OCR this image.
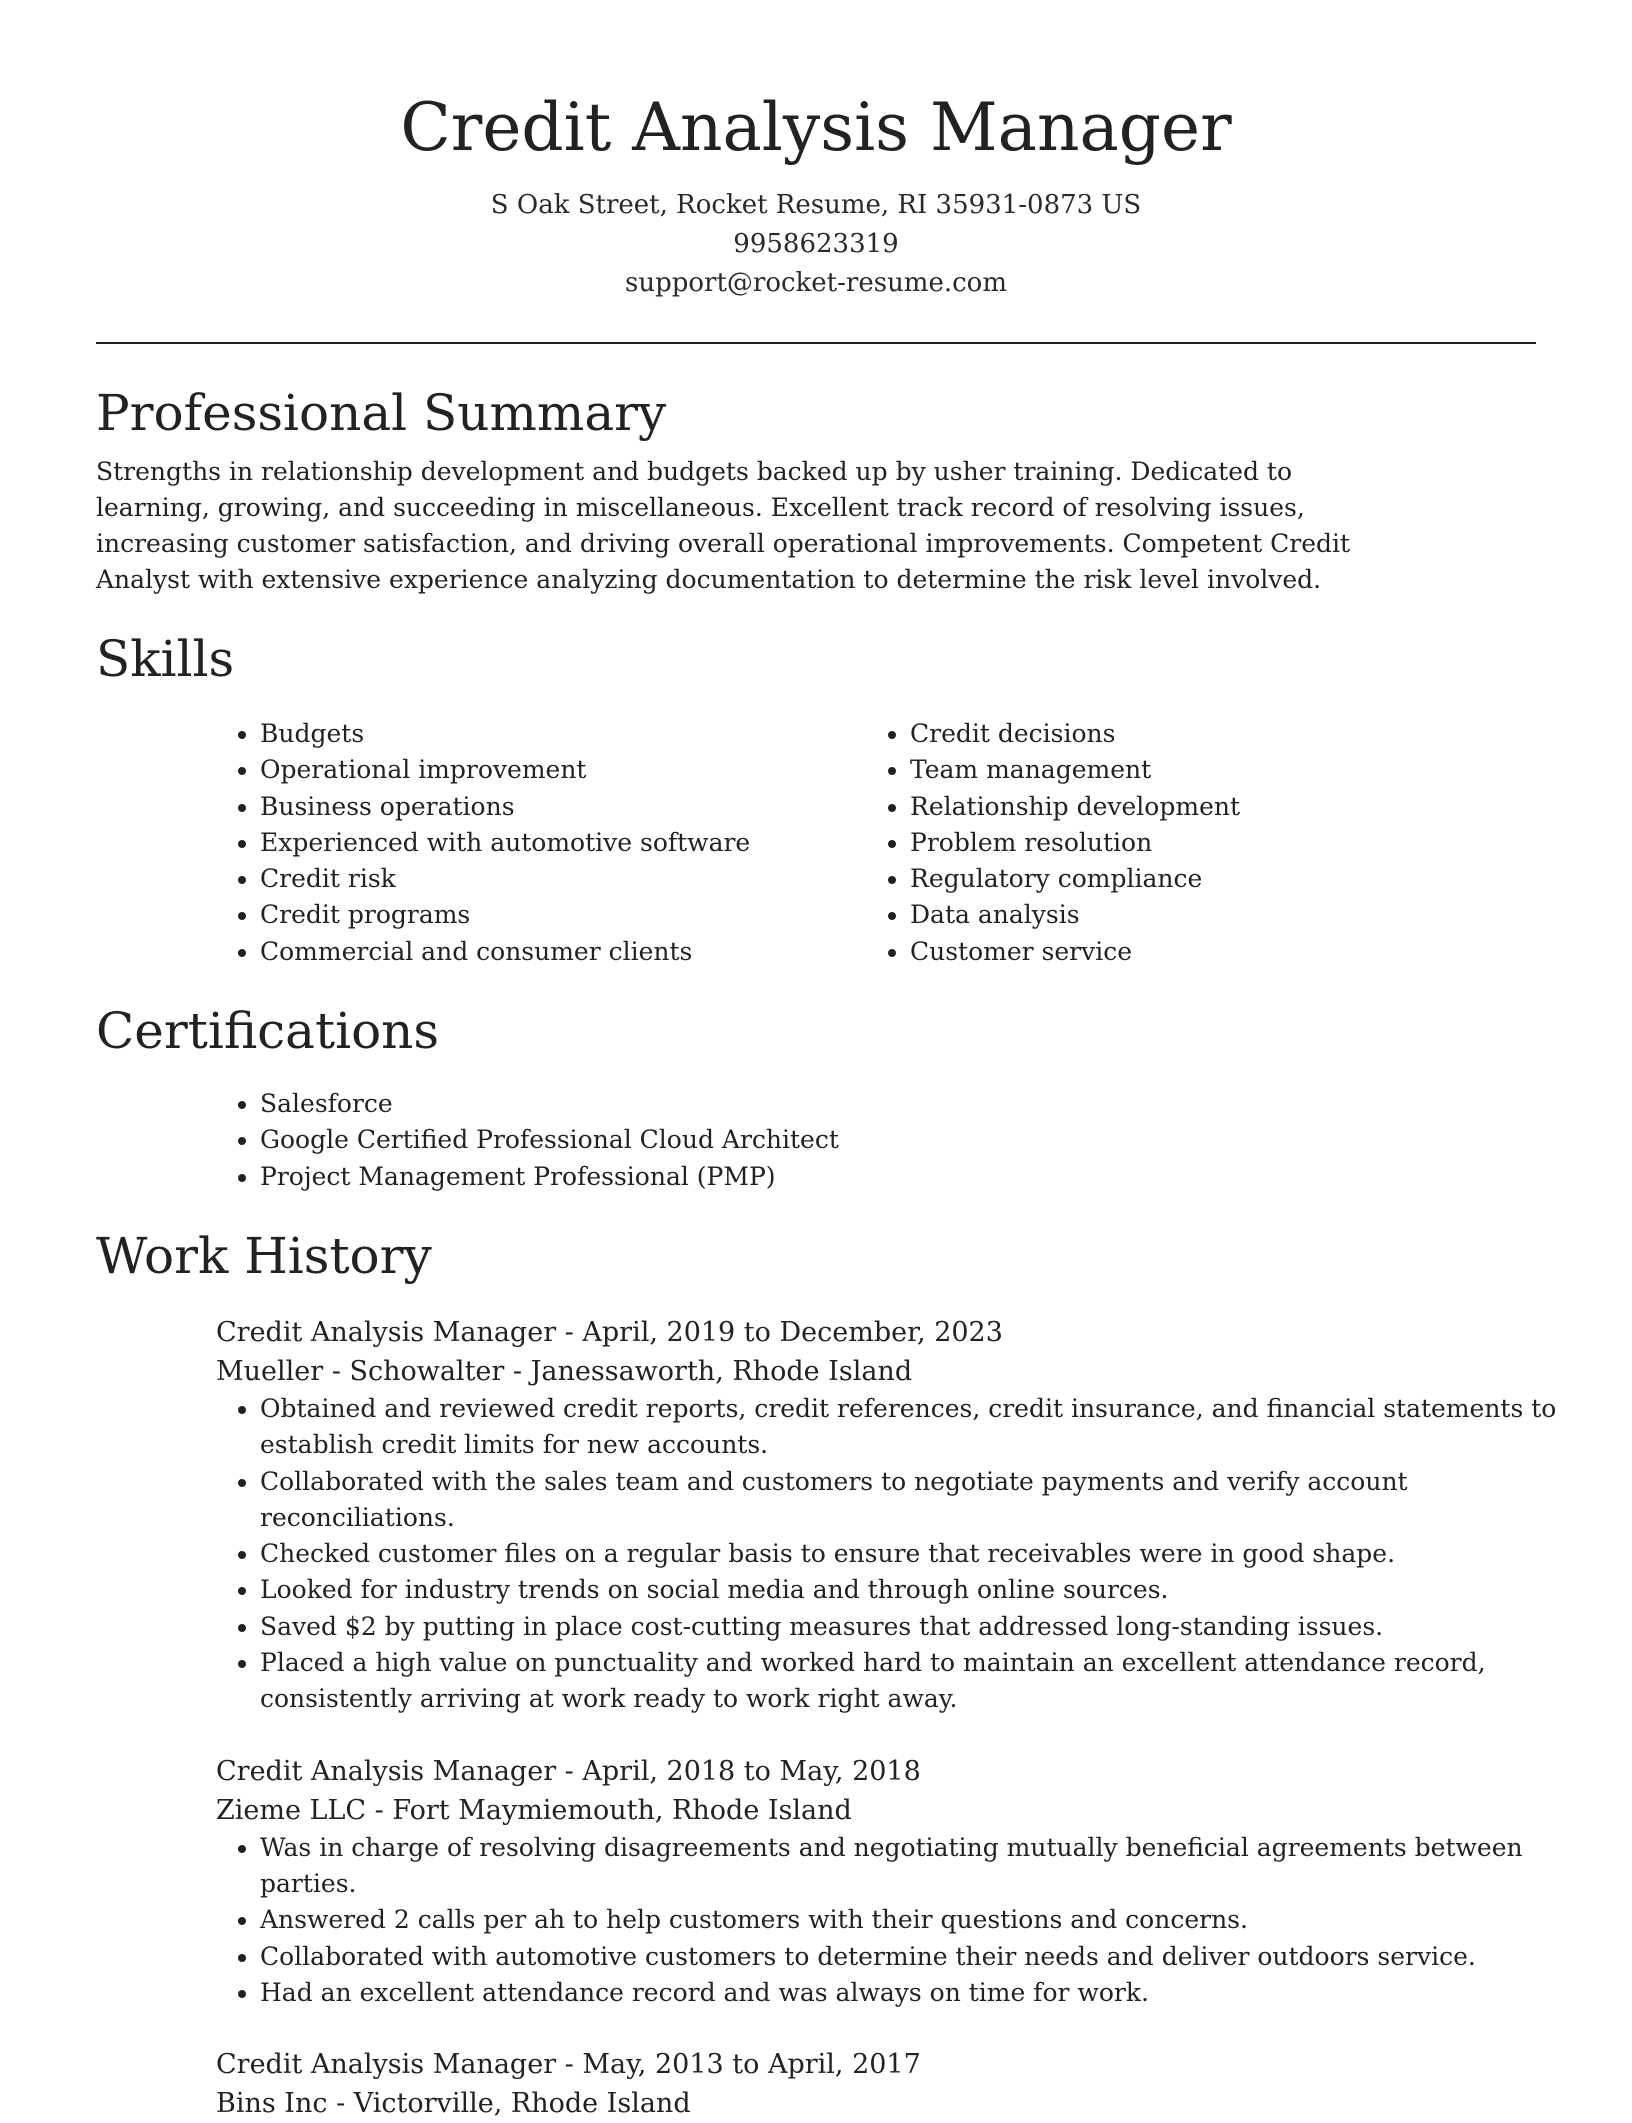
Credit Analysis Manager
S Oak Street, Rocket Resume, RI 35931-0873 US
9958623319
support@rocket-resume.com
Professional Summary

Strengths in relationship development and budgets backed up by usher training. Dedicated to learning, growing, and succeeding in miscellaneous. Excellent track record of resolving issues, increasing customer satisfaction, and driving overall operational improvements. Competent Credit Analyst with extensive experience analyzing documentation to determine the risk level involved.

Skills
• Budgets
• Operational improvement
• Business operations
• Experienced with automotive software
• Credit risk
• Credit programs
• Commercial and consumer clients
• Credit decisions
• Team management
• Relationship development
• Problem resolution
• Regulatory compliance
• Data analysis
• Customer service
Certifications
• Salesforce
• Google Certified Professional Cloud Architect
• Project Management Professional (PMP)
Work History
Credit Analysis Manager - April, 2019 to December, 2023
Mueller - Schowalter - Janessaworth, Rhode Island
• Obtained and reviewed credit reports, credit references, credit insurance, and financial statements to establish credit limits for new accounts.
• Collaborated with the sales team and customers to negotiate payments and verify account reconciliations.
• Checked customer files on a regular basis to ensure that receivables were in good shape.
• Looked for industry trends on social media and through online sources.
• Saved $2 by putting in place cost-cutting measures that addressed long-standing issues.
• Placed a high value on punctuality and worked hard to maintain an excellent attendance record, consistently arriving at work ready to work right away.
Credit Analysis Manager - April, 2018 to May, 2018
Zieme LLC - Fort Maymiemouth, Rhode Island
• Was in charge of resolving disagreements and negotiating mutually beneficial agreements between parties.
• Answered 2 calls per ah to help customers with their questions and concerns.
• Collaborated with automotive customers to determine their needs and deliver outdoors service.
• Had an excellent attendance record and was always on time for work.
Credit Analysis Manager - May, 2013 to April, 2017
Bins Inc - Victorville, Rhode Island
